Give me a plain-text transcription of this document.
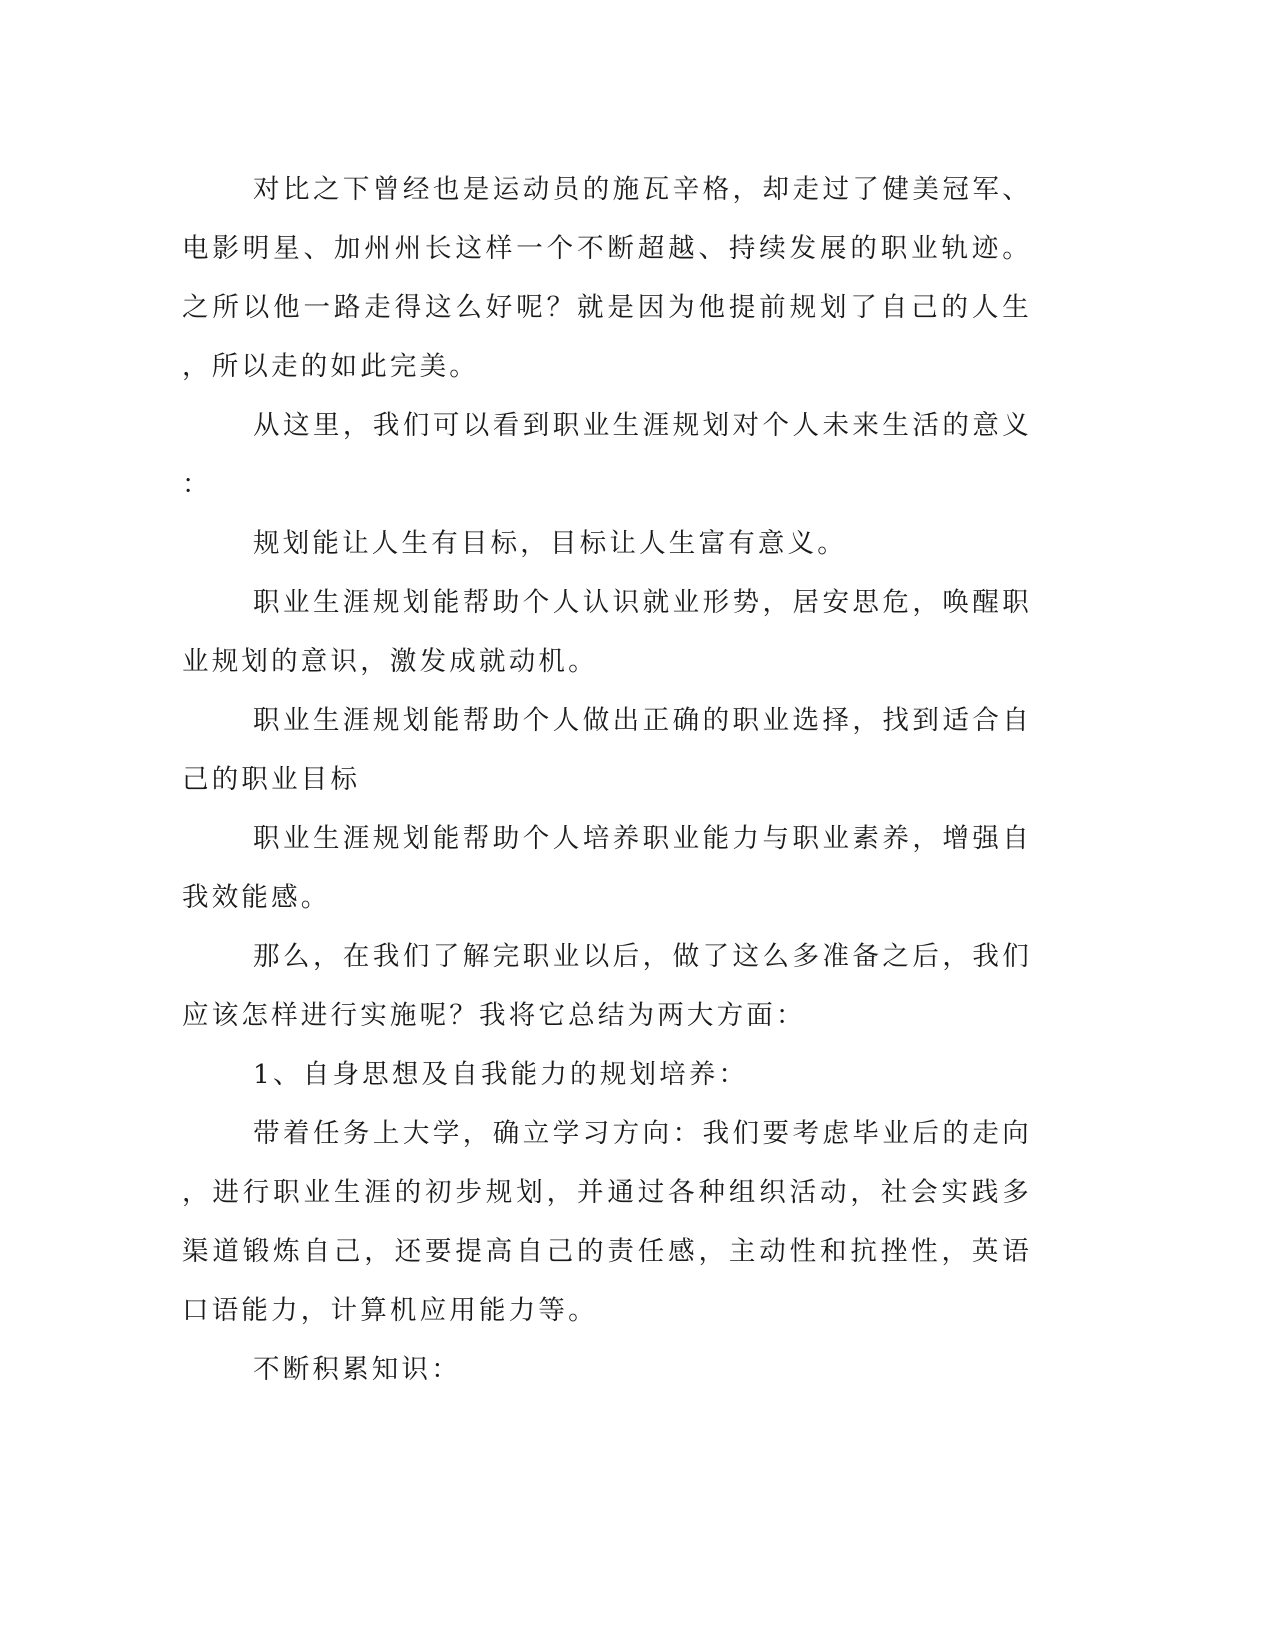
对比之下曾经也是运动员的施瓦辛格，却走过了健美冠军、电影明星、加州州长这样一个不断超越、持续发展的职业轨迹。之所以他一路走得这么好呢？就是因为他提前规划了自己的人生，所以走的如此完美。

从这里，我们可以看到职业生涯规划对个人未来生活的意义：

规划能让人生有目标，目标让人生富有意义。

职业生涯规划能帮助个人认识就业形势，居安思危，唤醒职业规划的意识，激发成就动机。

职业生涯规划能帮助个人做出正确的职业选择，找到适合自己的职业目标

职业生涯规划能帮助个人培养职业能力与职业素养，增强自我效能感。

那么，在我们了解完职业以后，做了这么多准备之后，我们应该怎样进行实施呢？我将它总结为两大方面：

1、自身思想及自我能力的规划培养：

带着任务上大学，确立学习方向：我们要考虑毕业后的走向，进行职业生涯的初步规划，并通过各种组织活动，社会实践多渠道锻炼自己，还要提高自己的责任感，主动性和抗挫性，英语口语能力，计算机应用能力等。

不断积累知识：
